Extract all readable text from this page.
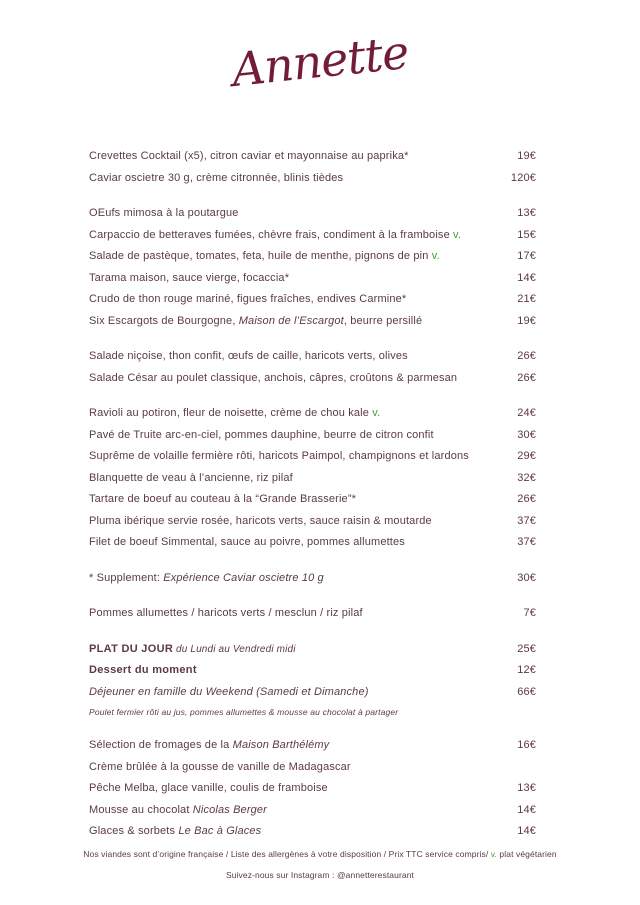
Annette
Crevettes Cocktail (x5), citron caviar et mayonnaise au paprika*	19€
Caviar oscietre 30 g, crème citronnée, blinis tièdes	120€
OEufs mimosa à la poutargue	13€
Carpaccio de betteraves fumées, chèvre frais, condiment à la framboise v.	15€
Salade de pastèque, tomates, feta, huile de menthe, pignons de pin v.	17€
Tarama maison, sauce vierge, focaccia*	14€
Crudo de thon rouge mariné, figues fraîches, endives Carmine*	21€
Six Escargots de Bourgogne, Maison de l’Escargot, beurre persillé	19€
Salade niçoise, thon confit, œufs de caille, haricots verts, olives	26€
Salade César au poulet classique, anchois, câpres, croûtons & parmesan	26€
Ravioli au potiron, fleur de noisette, crème de chou kale v.	24€
Pavé de Truite arc-en-ciel, pommes dauphine, beurre de citron confit	30€
Suprême de volaille fermière rôti, haricots Paimpol, champignons et lardons	29€
Blanquette de veau à l’ancienne, riz pilaf	32€
Tartare de boeuf au couteau à la “Grande Brasserie”*	26€
Pluma ibérique servie rosée, haricots verts, sauce raisin & moutarde	37€
Filet de boeuf Simmental, sauce au poivre, pommes allumettes	37€
* Supplement: Expérience Caviar oscietre 10 g	30€
Pommes allumettes / haricots verts / mesclun / riz pilaf	7€
PLAT DU JOUR du Lundi au Vendredi midi	25€
Dessert du moment	12€
Déjeuner en famille du Weekend (Samedi et Dimanche)	66€
Poulet fermier rôti au jus, pommes allumettes & mousse au chocolat à partager
Sélection de fromages de la Maison Barthélémy	16€
Crème brûlée à la gousse de vanille de Madagascar
Pêche Melba, glace vanille, coulis de framboise	13€
Mousse au chocolat Nicolas Berger	14€
Glaces & sorbets Le Bac à Glaces	14€
Nos viandes sont d’origine française / Liste des allergènes à votre disposition / Prix TTC service compris/ v. plat végétarien
Suivez-nous sur Instagram : @annetterestaurant
